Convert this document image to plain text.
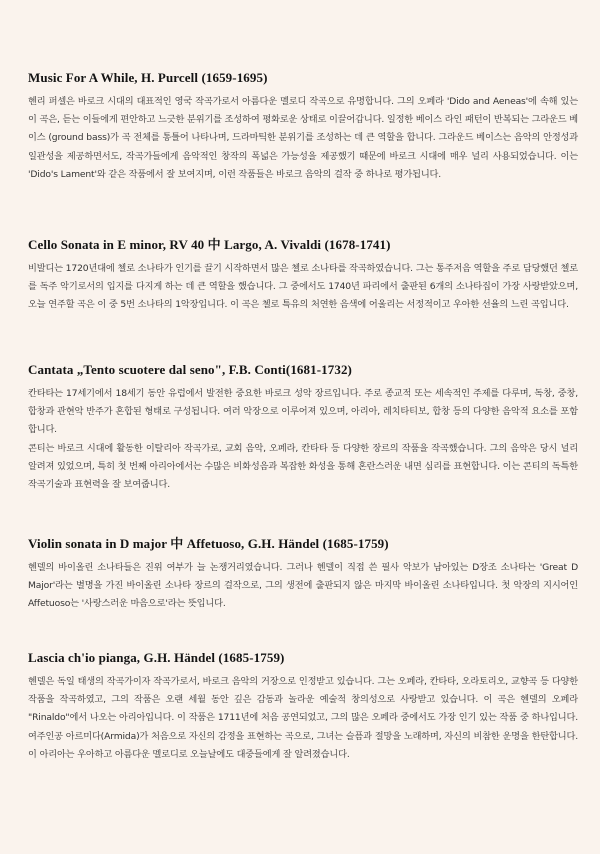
Music For A While, H. Purcell (1659-1695)

헨리 퍼셀은 바로크 시대의 대표적인 영국 작곡가로서 아름다운 멜로디 작곡으로 유명합니다. 그의 오페라 'Dido and Aeneas'에 속해 있는 이 곡은, 듣는 이들에게 편안하고 느긋한 분위기를 조성하여 평화로운 상태로 이끌어갑니다. 일정한 베이스 라인 패턴이 반복되는 그라운드 베이스 (ground bass)가 곡 전체를 통틀어 나타나며, 드라마틱한 분위기를 조성하는 데 큰 역할을 합니다. 그라운드 베이스는 음악의 안정성과 일관성을 제공하면서도, 작곡가들에게 음악적인 창작의 폭넓은 가능성을 제공했기 때문에 바로크 시대에 매우 널리 사용되었습니다. 이는 'Dido's Lament'와 같은 작품에서 잘 보여지며, 이런 작품들은 바로크 음악의 걸작 중 하나로 평가됩니다.

Cello Sonata in E minor, RV 40 中 Largo, A. Vivaldi (1678-1741)

비발디는 1720년대에 첼로 소나타가 인기를 끌기 시작하면서 많은 첼로 소나타를 작곡하였습니다. 그는 통주저음 역할을 주로 담당했던 첼로를 독주 악기로서의 입지를 다지게 하는 데 큰 역할을 했습니다. 그 중에서도 1740년 파리에서 출판된 6개의 소나타집이 가장 사랑받았으며, 오늘 연주할 곡은 이 중 5번 소나타의 1악장입니다. 이 곡은 첼로 특유의 처연한 음색에 어울리는 서정적이고 우아한 선율의 느린 곡입니다.

Cantata „Tento scuotere dal seno", F.B. Conti(1681-1732)

칸타타는 17세기에서 18세기 동안 유럽에서 발전한 중요한 바로크 성악 장르입니다. 주로 종교적 또는 세속적인 주제를 다루며, 독창, 중창, 합창과 관현악 반주가 혼합된 형태로 구성됩니다. 여러 악장으로 이루어져 있으며, 아리아, 레치타티보, 합창 등의 다양한 음악적 요소를 포함합니다.

콘티는 바로크 시대에 활동한 이탈리아 작곡가로, 교회 음악, 오페라, 칸타타 등 다양한 장르의 작품을 작곡했습니다. 그의 음악은 당시 널리 알려져 있었으며, 특히 첫 번째 아리아에서는 수많은 비화성음과 복잡한 화성을 통해 혼란스러운 내면 심리를 표현합니다. 이는 콘티의 독특한 작곡기술과 표현력을 잘 보여줍니다.

Violin sonata in D major 中 Affetuoso, G.H. Händel (1685-1759)

헨델의 바이올린 소나타들은 진위 여부가 늘 논쟁거리였습니다. 그러나 헨델이 직접 쓴 필사 악보가 남아있는 D장조 소나타는 'Great D Major'라는 별명을 가진 바이올린 소나타 장르의 걸작으로, 그의 생전에 출판되지 않은 마지막 바이올린 소나타입니다. 첫 악장의 지시어인 Affetuoso는 '사랑스러운 마음으로'라는 뜻입니다.

Lascia ch'io pianga, G.H. Händel (1685-1759)

헨델은 독일 태생의 작곡가이자 작곡가로서, 바로크 음악의 거장으로 인정받고 있습니다. 그는 오페라, 칸타타, 오라토리오, 교향곡 등 다양한 작품을 작곡하였고, 그의 작품은 오랜 세월 동안 깊은 감동과 놀라운 예술적 창의성으로 사랑받고 있습니다. 이 곡은 헨델의 오페라 "Rinaldo"에서 나오는 아리아입니다. 이 작품은 1711년에 처음 공연되었고, 그의 많은 오페라 중에서도 가장 인기 있는 작품 중 하나입니다. 여주인공 아르미다(Armida)가 처음으로 자신의 감정을 표현하는 곡으로, 그녀는 슬픔과 절망을 노래하며, 자신의 비참한 운명을 한탄합니다. 이 아리아는 우아하고 아름다운 멜로디로 오늘날에도 대중들에게 잘 알려졌습니다.
